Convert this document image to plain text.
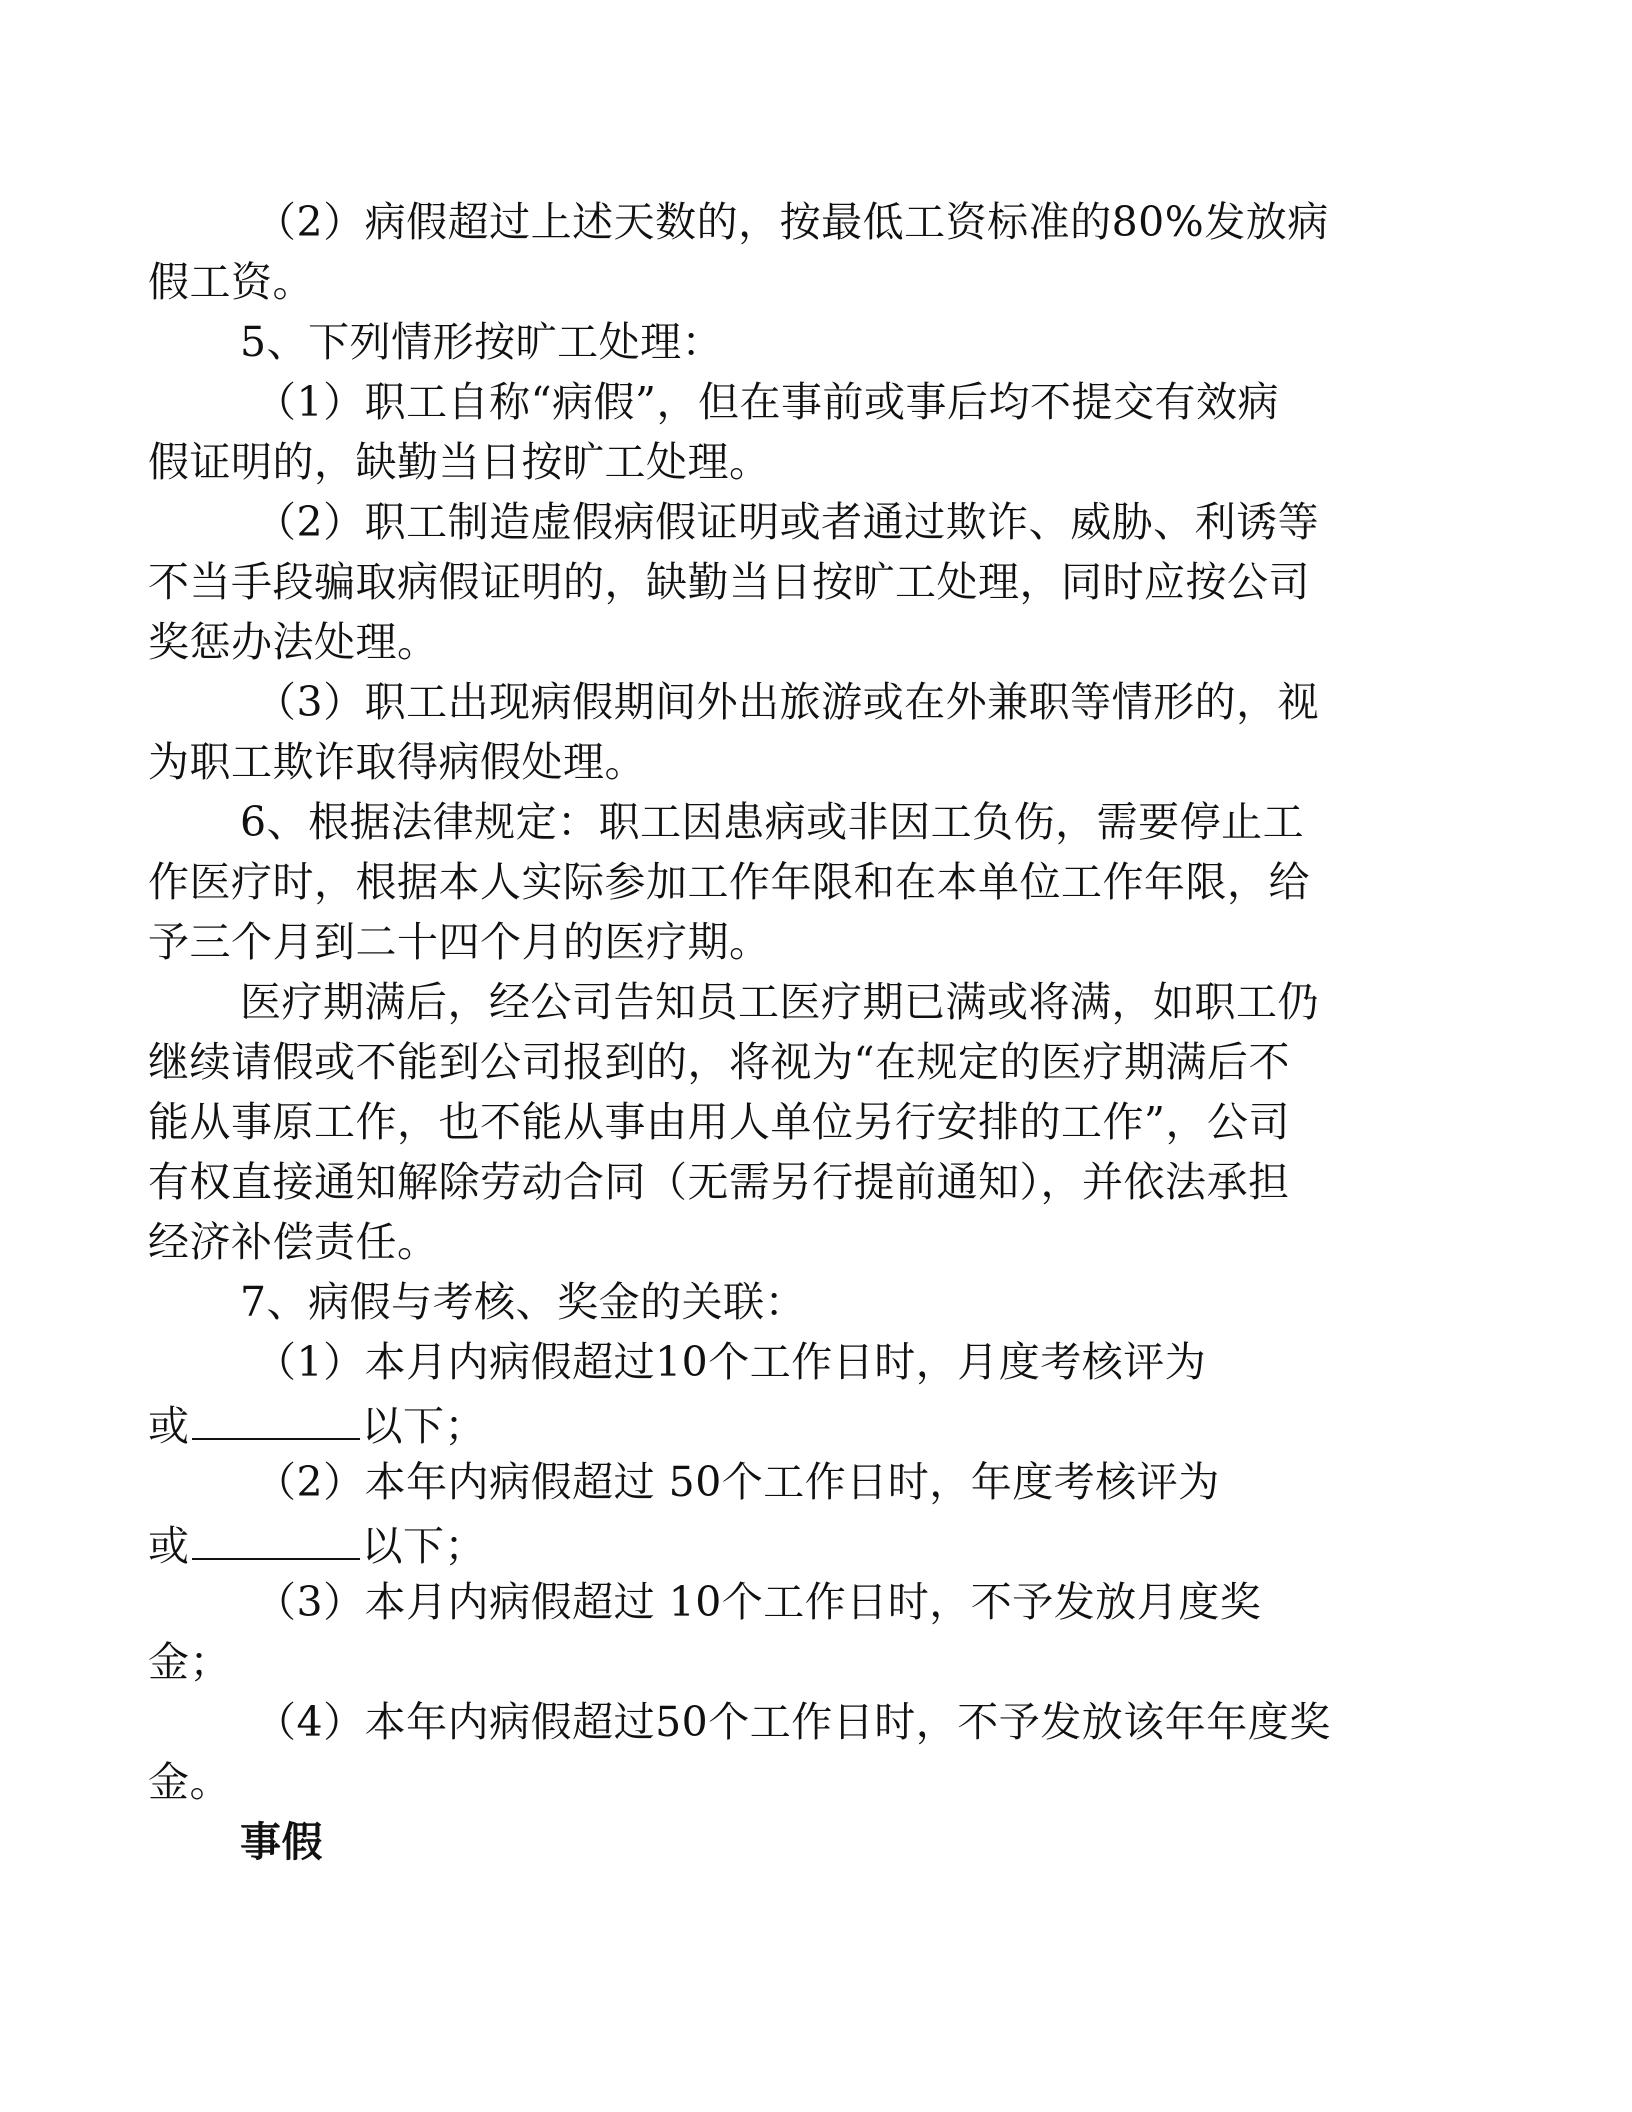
（2）病假超过上述天数的，按最低工资标准的80%发放病
假工资。
5、下列情形按旷工处理：
（1）职工自称“病假”，但在事前或事后均不提交有效病
假证明的，缺勤当日按旷工处理。
（2）职工制造虚假病假证明或者通过欺诈、威胁、利诱等
不当手段骗取病假证明的，缺勤当日按旷工处理，同时应按公司
奖惩办法处理。
（3）职工出现病假期间外出旅游或在外兼职等情形的，视
为职工欺诈取得病假处理。
6、根据法律规定：职工因患病或非因工负伤，需要停止工
作医疗时，根据本人实际参加工作年限和在本单位工作年限，给
予三个月到二十四个月的医疗期。
医疗期满后，经公司告知员工医疗期已满或将满，如职工仍
继续请假或不能到公司报到的，将视为“在规定的医疗期满后不
能从事原工作，也不能从事由用人单位另行安排的工作”，公司
有权直接通知解除劳动合同（无需另行提前通知），并依法承担
经济补偿责任。
7、病假与考核、奖金的关联：
（1）本月内病假超过10个工作日时，月度考核评为
或	以下；
（2）本年内病假超过 50个工作日时，年度考核评为
或	以下；
（3）本月内病假超过 10个工作日时，不予发放月度奖
金；
（4）本年内病假超过50个工作日时，不予发放该年年度奖
金。
事假
